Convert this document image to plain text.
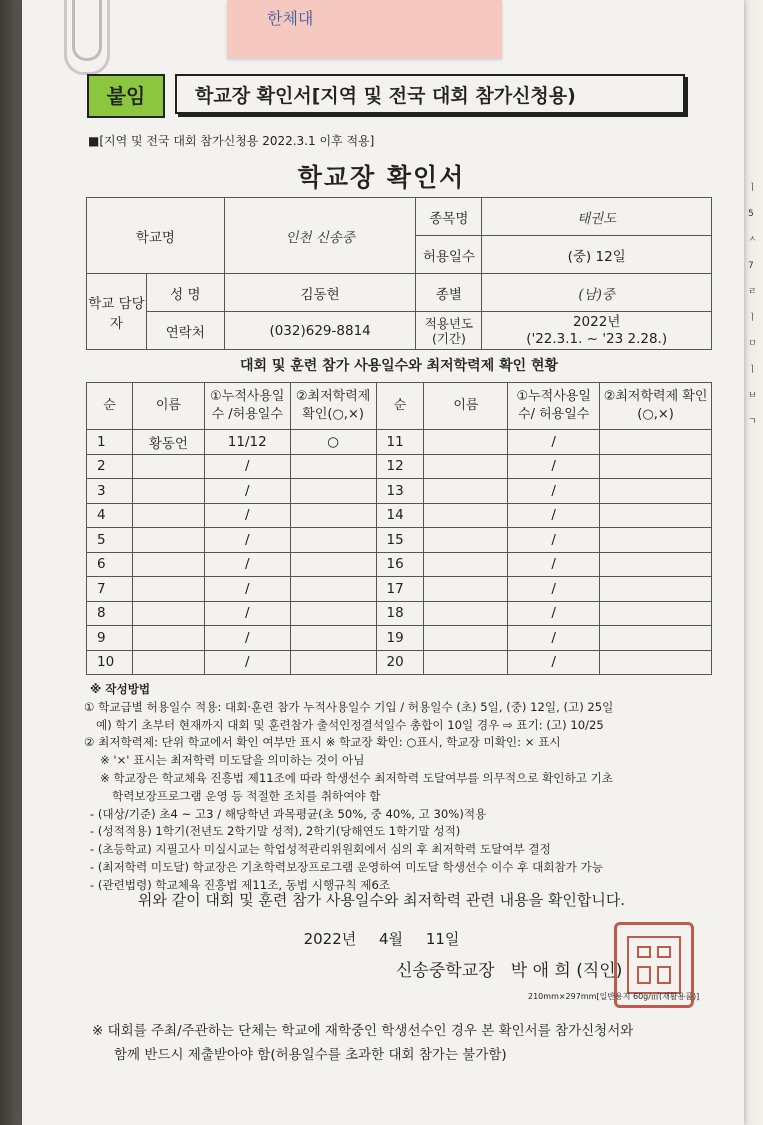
한체대
ㅣ
5
ㅅ
7
ㄹ
ㅣ
ㅁ
ㅣ
ㅂ
ㄱ
붙임	학교장 확인서[지역 및 전국 대회 참가신청용)
■[지역 및 전국 대회 참가신청용 2022.3.1 이후 적용]
학교장 확인서
학교명		인천 신송중	종목명	태권도
			허용일수	(중) 12일
학교 담당자	성 명	김동현	종별	(남)중
	연락처	(032)629-8814	적용년도 (기간)	2022년
('22.3.1. ~ '23 2.28.)
대회 및 훈련 참가 사용일수와 최저학력제 확인 현황
순	이름	①누적사용일수 /허용일수	②최저학력제 확인(○,×)	순	이름	①누적사용일수/ 허용일수	②최저학력제 확인(○,×)
1	황동언	11/12	○	11		/	
2		/		12		/	
3		/		13		/	
4		/		14		/	
5		/		15		/	
6		/		16		/	
7		/		17		/	
8		/		18		/	
9		/		19		/	
10		/		20		/	
※ 작성방법
① 학교급별 허용일수 적용: 대회·훈련 참가 누적사용일수 기입 / 허용일수 (초) 5일, (중) 12일, (고) 25일
예) 학기 초부터 현재까지 대회 및 훈련참가 출석인정결석일수 총합이 10일 경우 ⇨ 표기: (고) 10/25
② 최저학력제: 단위 학교에서 확인 여부만 표시 ※ 학교장 확인: ○표시, 학교장 미확인: × 표시
※ '×' 표시는 최저학력 미도달을 의미하는 것이 아님
※ 학교장은 학교체육 진흥법 제11조에 따라 학생선수 최저학력 도달여부를 의무적으로 확인하고 기초
학력보장프로그램 운영 등 적절한 조치를 취하여야 함
- (대상/기준) 초4 ~ 고3 / 해당학년 과목평균(초 50%, 중 40%, 고 30%)적용
- (성적적용) 1학기(전년도 2학기말 성적), 2학기(당해연도 1학기말 성적)
- (초등학교) 지필고사 미실시교는 학업성적관리위원회에서 심의 후 최저학력 도달여부 결정
- (최저학력 미도달) 학교장은 기초학력보장프로그램 운영하여 미도달 학생선수 이수 후 대회참가 가능
- (관련법령) 학교체육 진흥법 제11조, 동법 시행규칙 제6조
위와 같이 대회 및 훈련 참가 사용일수와 최저학력 관련 내용을 확인합니다.
2022년 4월 11일
신송중학교장   박 애 희 (직인)
210mm×297mm[일반용지 60g/㎡(재활용품)]
※ 대회를 주최/주관하는 단체는 학교에 재학중인 학생선수인 경우 본 확인서를 참가신청서와
함께 반드시 제출받아야 함(허용일수를 초과한 대회 참가는 불가함)
